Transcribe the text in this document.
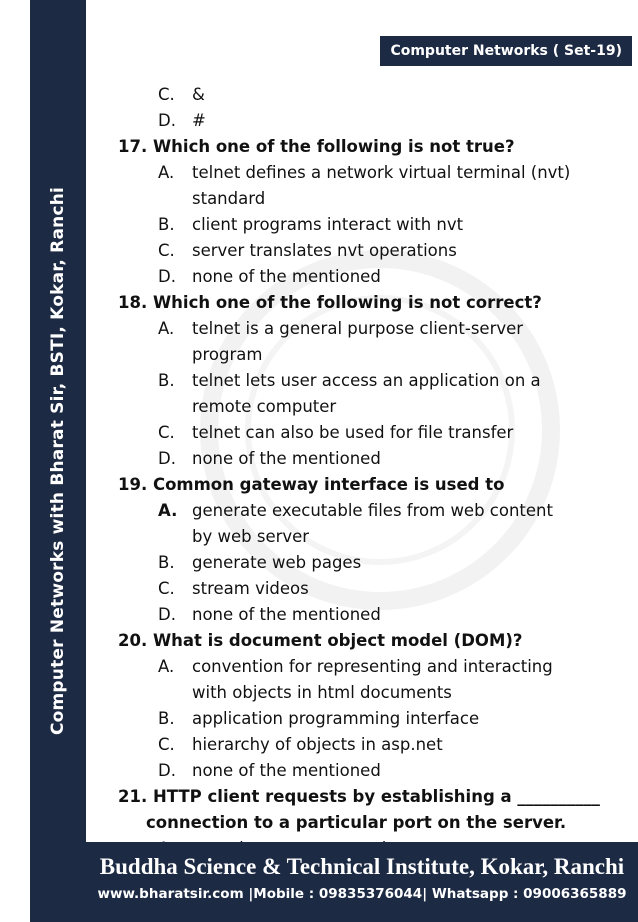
Computer Networks with Bharat Sir, BSTI, Kokar, Ranchi
Computer Networks ( Set-19)
C.	&
D. #

17. Which one of the following is not true?

A.	telnet defines a network virtual terminal (nvt)
standard
B.	client programs interact with nvt
C.	server translates nvt operations
D. none of the mentioned

18. Which one of the following is not correct?

A.	telnet is a general purpose client-server
program
B.	telnet lets user access an application on a
remote computer
C.	telnet can also be used for file transfer
D. none of the mentioned

19. Common gateway interface is used to

A. generate executable files from web content
by web server
B.	generate web pages
C.	stream videos
D. none of the mentioned

20. What is document object model (DOM)?

A.	convention for representing and interacting
with objects in html documents
B.	application programming interface
C.	hierarchy of objects in asp.net
D. none of the mentioned

21. HTTP client requests by establishing a __________

connection to a particular port on the server.
Buddha Science & Technical Institute, Kokar, Ranchi
www.bharatsir.com |Mobile : 09835376044| Whatsapp : 09006365889
